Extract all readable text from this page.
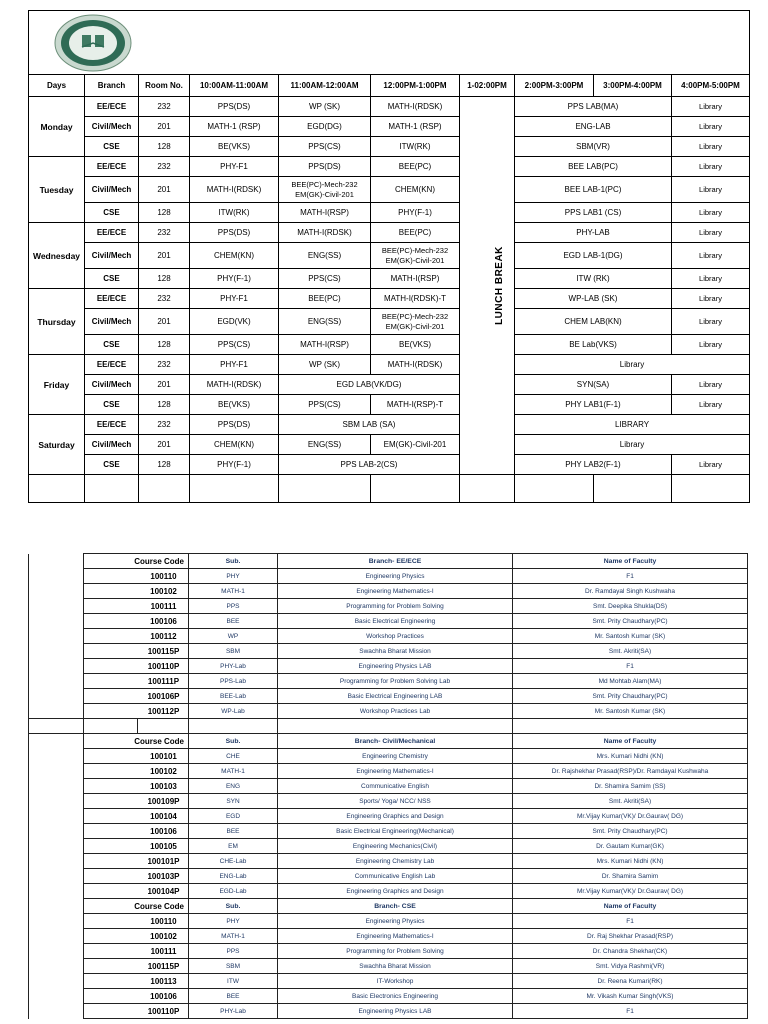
Days	Branch	Room No.	10:00AM-11:00AM	11:00AM-12:00AM	12:00PM-1:00PM	1-02:00PM	2:00PM-3:00PM	3:00PM-4:00PM	4:00PM-5:00PM
Monday	EE/ECE	232	PPS(DS)	WP (SK)	MATH-I(RDSK)	LUNCH BREAK	PPS LAB(MA)		Library
	Civil/Mech	201	MATH-1 (RSP)	EGD(DG)	MATH-1 (RSP)		ENG-LAB		Library
	CSE	128	BE(VKS)	PPS(CS)	ITW(RK)		SBM(VR)		Library
Tuesday	EE/ECE	232	PHY-F1	PPS(DS)	BEE(PC)		BEE LAB(PC)		Library
	Civil/Mech	201	MATH-I(RDSK)	BEE(PC)-Mech-232
EM(GK)-Civil-201	CHEM(KN)		BEE LAB-1(PC)		Library
	CSE	128	ITW(RK)	MATH-I(RSP)	PHY(F-1)		PPS LAB1 (CS)		Library
Wednesday	EE/ECE	232	PPS(DS)	MATH-I(RDSK)	BEE(PC)		PHY-LAB		Library
	Civil/Mech	201	CHEM(KN)	ENG(SS)	BEE(PC)-Mech-232
EM(GK)-Civil-201		EGD LAB-1(DG)		Library
	CSE	128	PHY(F-1)	PPS(CS)	MATH-I(RSP)		ITW (RK)		Library
Thursday	EE/ECE	232	PHY-F1	BEE(PC)	MATH-I(RDSK)-T		WP-LAB (SK)		Library
	Civil/Mech	201	EGD(VK)	ENG(SS)	BEE(PC)-Mech-232
EM(GK)-Civil-201		CHEM LAB(KN)		Library
	CSE	128	PPS(CS)	MATH-I(RSP)	BE(VKS)		BE Lab(VKS)		Library
Friday	EE/ECE	232	PHY-F1	WP (SK)	MATH-I(RDSK)		Library		
	Civil/Mech	201	MATH-I(RDSK)	EGD LAB(VK/DG)			SYN(SA)		Library
	CSE	128	BE(VKS)	PPS(CS)	MATH-I(RSP)-T		PHY LAB1(F-1)		Library
Saturday	EE/ECE	232	PPS(DS)	SBM LAB (SA)			LIBRARY		
	Civil/Mech	201	CHEM(KN)	ENG(SS)	EM(GK)-Civil-201		Library		
	CSE	128	PHY(F-1)	PPS LAB-2(CS)			PHY LAB2(F-1)		Library

	Course Code		Sub.	Branch- EE/ECE	Name of Faculty
	100110		PHY	Engineering Physics	F1
	100102		MATH-1	Engineering Mathematics-I	Dr. Ramdayal Singh Kushwaha
	100111		PPS	Programming for Problem Solving	Smt. Deepika Shukla(DS)
	100106		BEE	Basic Electrical Engineering	Smt. Prity Chaudhary(PC)
	100112		WP	Workshop Practices	Mr. Santosh Kumar (SK)
	100115P		SBM	Swachha Bharat Mission	Smt. Akriti(SA)
	100110P		PHY-Lab	Engineering Physics LAB	F1
	100111P		PPS-Lab	Programming for Problem Solving Lab	Md Mohtab Alam(MA)
	100106P		BEE-Lab	Basic Electrical Engineering LAB	Smt. Prity Chaudhary(PC)
	100112P		WP-Lab	Workshop Practices Lab	Mr. Santosh Kumar (SK)

	Course Code		Sub.	Branch- Civil/Mechanical	Name of Faculty
	100101		CHE	Engineering Chemistry	Mrs. Kumari Nidhi (KN)
	100102		MATH-1	Engineering Mathematics-I	Dr. Rajshekhar Prasad(RSP)/Dr. Ramdayal Kushwaha
	100103		ENG	Communicative English	Dr. Shamira Samim (SS)
	100109P		SYN	Sports/ Yoga/ NCC/ NSS	Smt. Akriti(SA)
	100104		EGD	Engineering Graphics and Design	Mr.Vijay Kumar(VK)/ Dr.Gaurav( DG)
	100106		BEE	Basic Electrical Engineering(Mechanical)	Smt. Prity Chaudhary(PC)
	100105		EM	Engineering Mechanics(Civil)	Dr. Gautam Kumar(GK)
	100101P		CHE-Lab	Engineering Chemistry Lab	Mrs. Kumari Nidhi (KN)
	100103P		ENG-Lab	Communicative English Lab	Dr. Shamira Samim
	100104P		EGD-Lab	Engineering Graphics and Design	Mr.Vijay Kumar(VK)/ Dr.Gaurav( DG)
	Course Code		Sub.	Branch- CSE	Name of Faculty
	100110		PHY	Engineering Physics	F1
	100102		MATH-1	Engineering Mathematics-I	Dr. Raj Shekhar Prasad(RSP)
	100111		PPS	Programming for Problem Solving	Dr. Chandra Shekhar(CK)
	100115P		SBM	Swachha Bharat Mission	Smt. Vidya Rashmi(VR)
	100113		ITW	IT-Workshop	Dr. Reena Kumari(RK)
	100106		BEE	Basic Electronics Engineering	Mr. Vikash Kumar Singh(VKS)
	100110P		PHY-Lab	Engineering Physics LAB	F1
